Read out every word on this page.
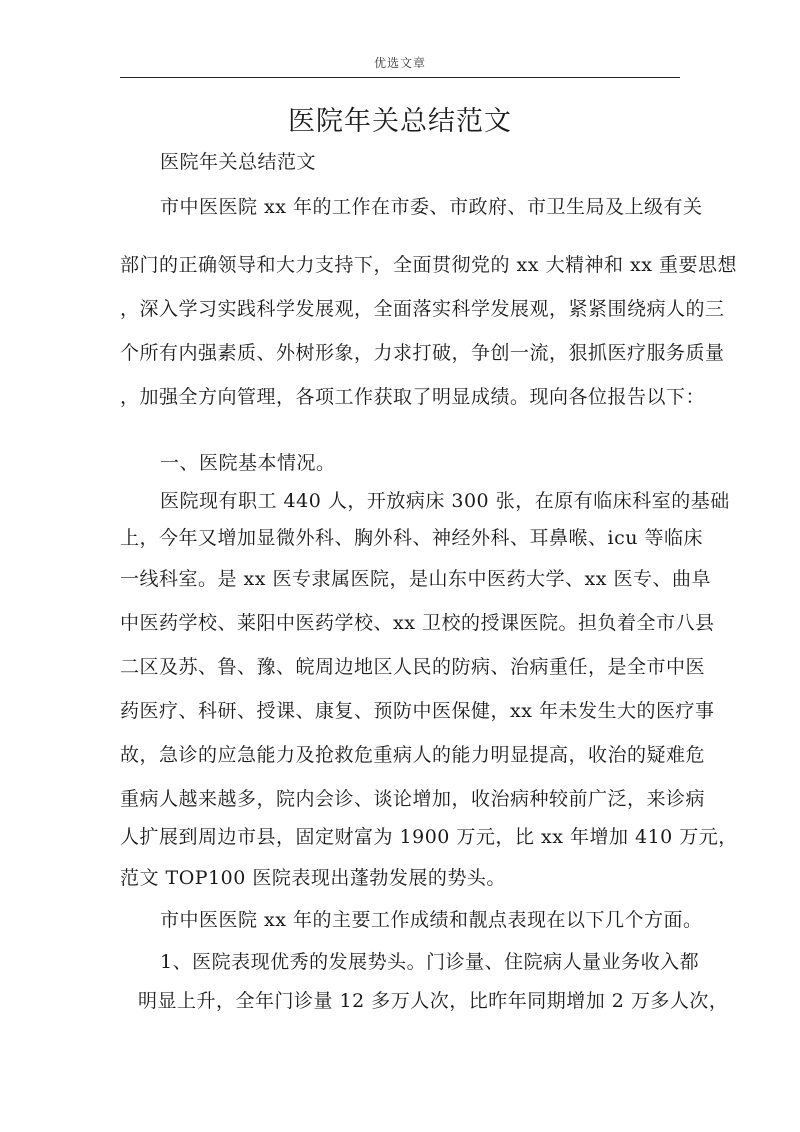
优选文章
医院年关总结范文
医院年关总结范文
市中医医院 xx 年的工作在市委、市政府、市卫生局及上级有关
部门的正确领导和大力支持下，全面贯彻党的 xx 大精神和 xx 重要思想
，深入学习实践科学发展观，全面落实科学发展观，紧紧围绕病人的三
个所有内强素质、外树形象，力求打破，争创一流，狠抓医疗服务质量
，加强全方向管理，各项工作获取了明显成绩。现向各位报告以下：
一、医院基本情况。
医院现有职工 440 人，开放病床 300 张，在原有临床科室的基础
上，今年又增加显微外科、胸外科、神经外科、耳鼻喉、icu 等临床
一线科室。是 xx 医专隶属医院，是山东中医药大学、xx 医专、曲阜
中医药学校、莱阳中医药学校、xx 卫校的授课医院。担负着全市八县
二区及苏、鲁、豫、皖周边地区人民的防病、治病重任，是全市中医
药医疗、科研、授课、康复、预防中医保健，xx 年未发生大的医疗事
故，急诊的应急能力及抢救危重病人的能力明显提高，收治的疑难危
重病人越来越多，院内会诊、谈论增加，收治病种较前广泛，来诊病
人扩展到周边市县，固定财富为 1900 万元，比 xx 年增加 410 万元，
范文 TOP100 医院表现出蓬勃发展的势头。
市中医医院 xx 年的主要工作成绩和靓点表现在以下几个方面。
1、医院表现优秀的发展势头。门诊量、住院病人量业务收入都
明显上升，全年门诊量 12 多万人次，比昨年同期增加 2 万多人次，
